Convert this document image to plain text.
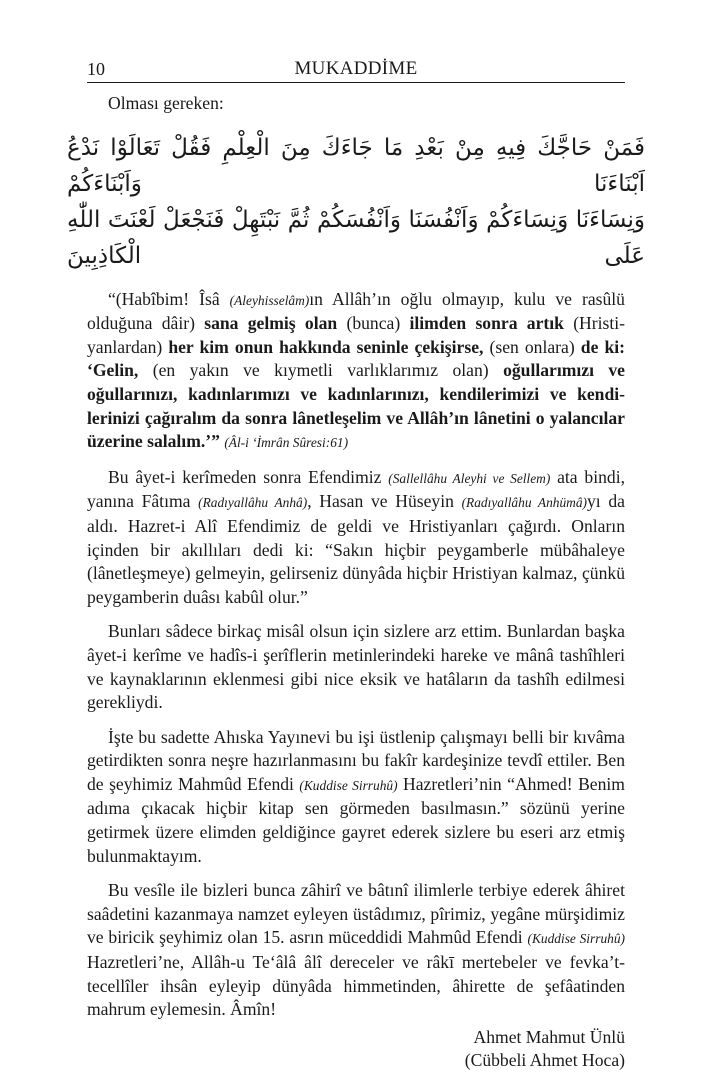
10	MUKADDİME

Olması gereken:

فَمَنْ حَاجَّكَ فِيهِ مِنْ بَعْدِ مَا جَاءَكَ مِنَ الْعِلْمِ فَقُلْ تَعَالَوْا نَدْعُ اَبْنَاءَنَا وَاَبْنَاءَكُمْ
وَنِسَاءَنَا وَنِسَاءَكُمْ وَاَنْفُسَنَا وَاَنْفُسَكُمْ ثُمَّ نَبْتَهِلْ فَنَجْعَلْ لَعْنَتَ اللّٰهِ عَلَى الْكَاذِبِينَ

“(Habîbim! Îsâ (Aleyhisselâm)ın Allâh’ın oğlu olmayıp, kulu ve rasûlü olduğuna dâir) sana gelmiş olan (bunca) ilimden sonra artık (Hristiyanlardan) her kim onun hakkında seninle çekişirse, (sen onlara) de ki: ‘Gelin, (en yakın ve kıymetli varlıklarımız olan) oğullarımızı ve oğullarınızı, kadınlarımızı ve kadınlarınızı, kendilerimizi ve kendilerinizi çağıralım da sonra lânetleşelim ve Allâh’ın lânetini o yalancılar üzerine salalım.’” (Âl-i ‘İmrân Sûresi:61)

Bu âyet-i kerîmeden sonra Efendimiz (Sallellâhu Aleyhi ve Sellem) ata bindi, yanına Fâtıma (Radıyallâhu Anhâ), Hasan ve Hüseyin (Radıyallâhu Anhümâ)yı da aldı. Hazret-i Alî Efendimiz de geldi ve Hristiyanları çağırdı. Onların içinden bir akıllıları dedi ki: “Sakın hiçbir peygamberle mübâhaleye (lânetleşmeye) gelmeyin, gelirseniz dünyâda hiçbir Hristiyan kalmaz, çünkü peygamberin duâsı kabûl olur.”

Bunları sâdece birkaç misâl olsun için sizlere arz ettim. Bunlardan başka âyet-i kerîme ve hadîs-i şerîflerin metinlerindeki hareke ve mânâ tashîhleri ve kaynaklarının eklenmesi gibi nice eksik ve hatâların da tashîh edilmesi gerekliydi.

İşte bu sadette Ahıska Yayınevi bu işi üstlenip çalışmayı belli bir kıvâma getirdikten sonra neşre hazırlanmasını bu fakîr kardeşinize tevdî ettiler. Ben de şeyhimiz Mahmûd Efendi (Kuddise Sirruhû) Hazretleri’nin “Ahmed! Benim adıma çıkacak hiçbir kitap sen görmeden basılmasın.” sözünü yerine getirmek üzere elimden geldiğince gayret ederek sizlere bu eseri arz etmiş bulunmaktayım.

Bu vesîle ile bizleri bunca zâhirî ve bâtınî ilimlerle terbiye ederek âhiret saâdetini kazanmaya namzet eyleyen üstâdımız, pîrimiz, yegâne mürşidimiz ve biricik şeyhimiz olan 15. asrın müceddidi Mahmûd Efendi (Kuddise Sirruhû) Hazretleri’ne, Allâh-u Te‘âlâ âlî dereceler ve râkī mertebeler ve fevka’t-tecellîler ihsân eyleyip dünyâda himmetinden, âhirette de şefâatinden mahrum eylemesin. Âmîn!

Ahmet Mahmut Ünlü
(Cübbeli Ahmet Hoca)
